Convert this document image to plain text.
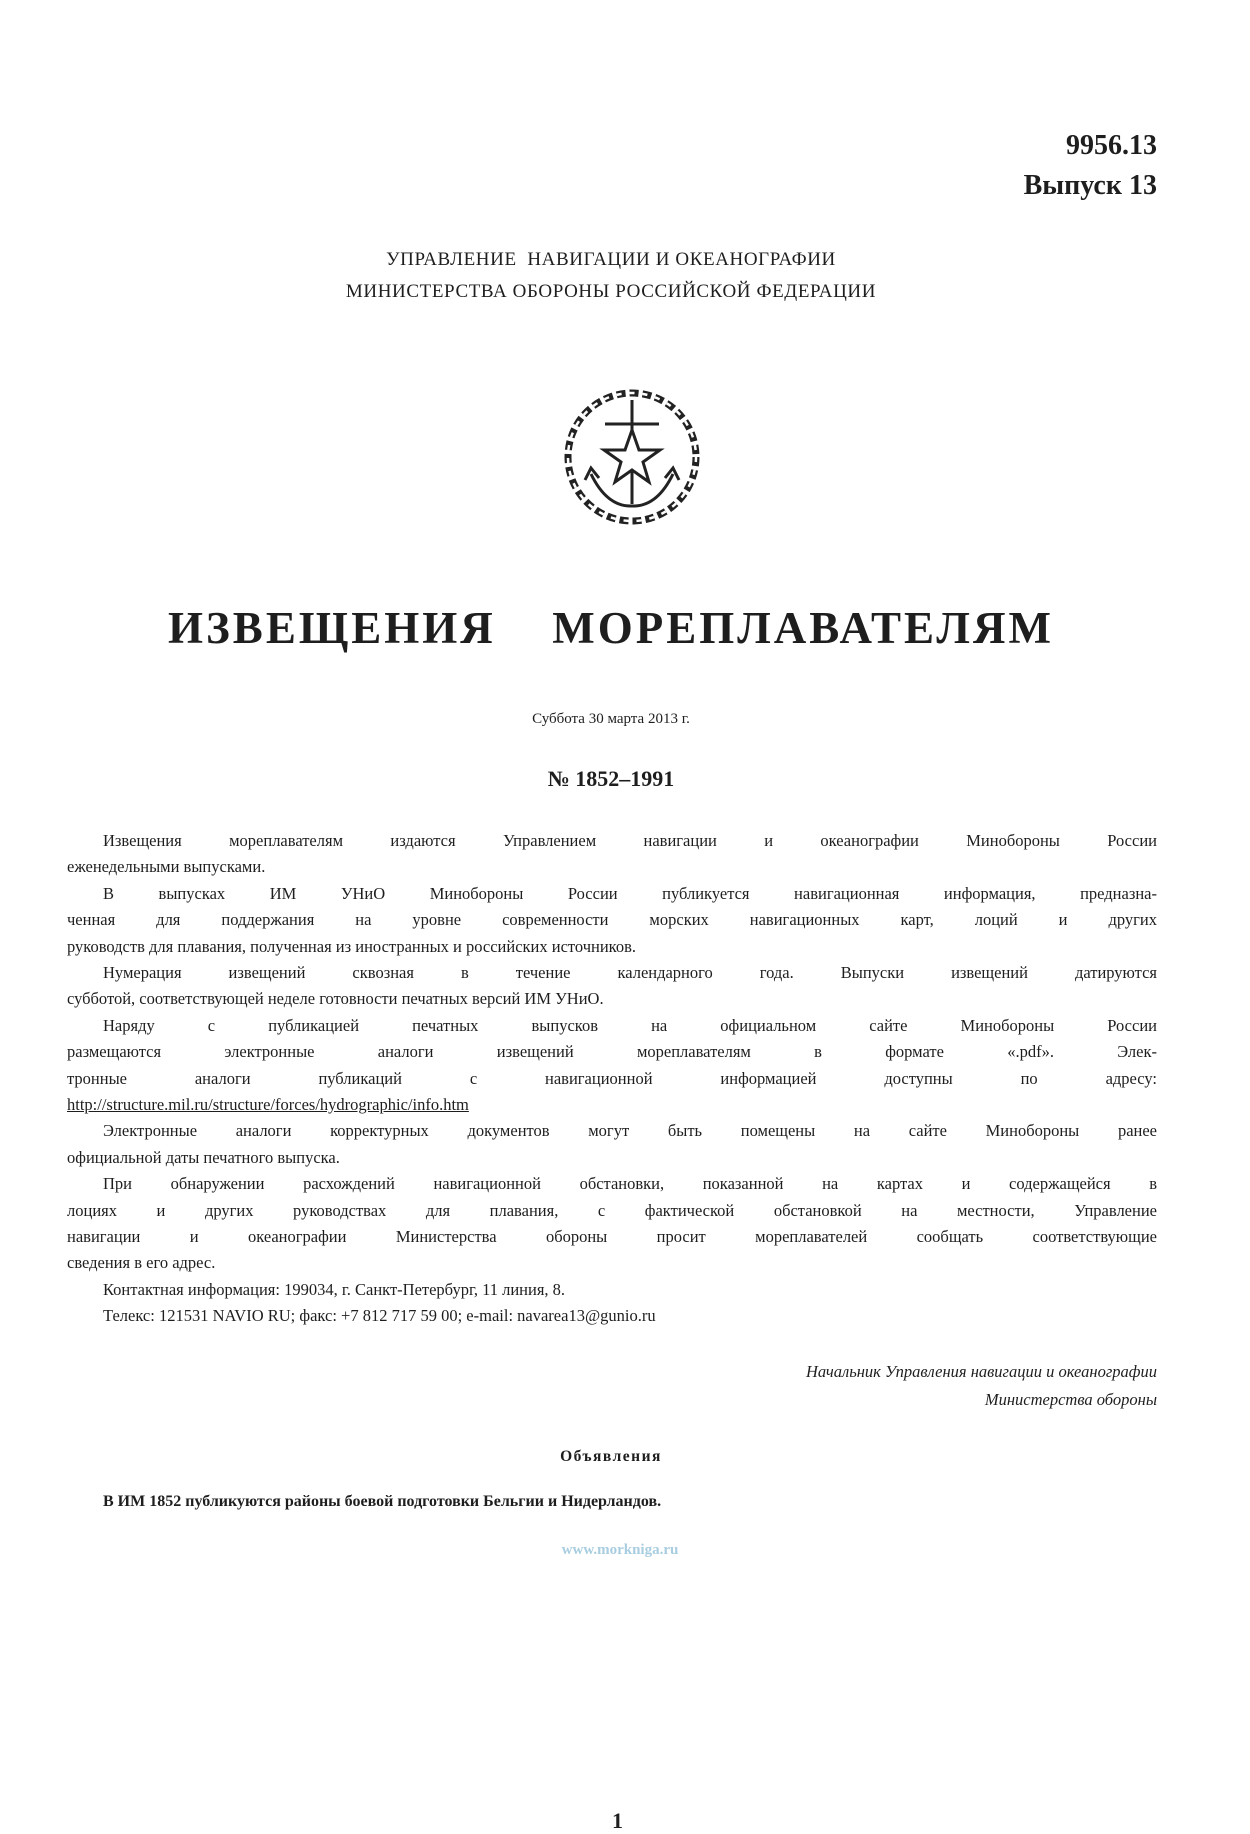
9956.13
Выпуск 13
УПРАВЛЕНИЕ  НАВИГАЦИИ И ОКЕАНОГРАФИИ
МИНИСТЕРСТВА ОБОРОНЫ РОССИЙСКОЙ ФЕДЕРАЦИИ
ИЗВЕЩЕНИЯ  МОРЕПЛАВАТЕЛЯМ
Суббота 30 марта 2013 г.
№ 1852–1991
Извещения мореплавателям издаются Управлением навигации и океанографии Минобороны России
еженедельными выпусками.
В выпусках ИМ УНиО Минобороны России публикуется навигационная информация, предназна-
ченная для поддержания на уровне современности морских навигационных карт, лоций и других
руководств для плавания, полученная из иностранных и российских источников.
Нумерация извещений сквозная в течение календарного года. Выпуски извещений датируются
субботой, соответствующей неделе готовности печатных версий ИМ УНиО.
Наряду с публикацией печатных выпусков на официальном сайте Минобороны России
размещаются электронные аналоги извещений мореплавателям в формате «.pdf». Элек-
тронные аналоги публикаций с навигационной информацией доступны по адресу:
http://structure.mil.ru/structure/forces/hydrographic/info.htm
Электронные аналоги корректурных документов могут быть помещены на сайте Минобороны ранее
официальной даты печатного выпуска.
При обнаружении расхождений навигационной обстановки, показанной на картах и содержащейся в
лоциях и других руководствах для плавания, с фактической обстановкой на местности, Управление
навигации и океанографии Министерства обороны просит мореплавателей сообщать соответствующие
сведения в его адрес.
Контактная информация: 199034, г. Санкт-Петербург, 11 линия, 8.
Телекс: 121531 NAVIO RU; факс: +7 812 717 59 00; e-mail: navarea13@gunio.ru
Начальник Управления навигации и океанографии
Министерства обороны
Объявления
В ИМ 1852 публикуются районы боевой подготовки Бельгии и Нидерландов.
www.morkniga.ru
1
